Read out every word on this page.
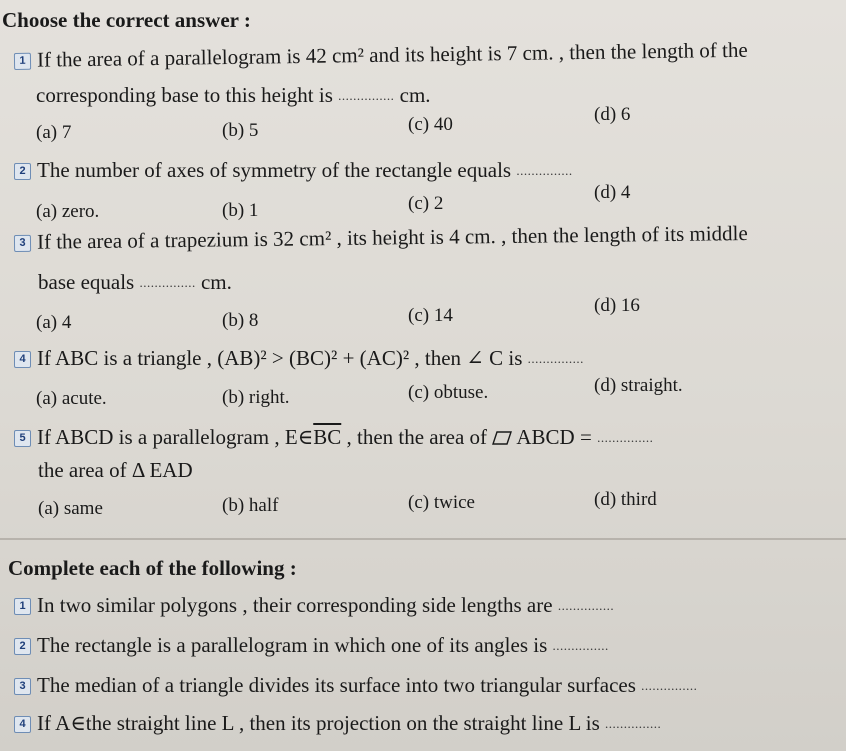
Choose the correct answer :
1 If the area of a parallelogram is 42 cm² and its height is 7 cm. , then the length of the
corresponding base to this height is ............... cm.
(a) 7	(b) 5	(c) 40	(d) 6
2 The number of axes of symmetry of the rectangle equals ...............
(a) zero.	(b) 1	(c) 2
(d) 4
3 If the area of a trapezium is 32 cm² , its height is 4 cm. , then the length of its middle
base equals ............... cm.
(a) 4	(b) 8	(c) 14	(d) 16
4 If ABC is a triangle , (AB)² > (BC)² + (AC)² , then ∠ C is ...............
(a) acute.	(b) right.	(c) obtuse.	(d) straight.
5 If ABCD is a parallelogram , $E\in\overline{BC}$ , then the area of ABCD = ...............
the area of Δ EAD
(a) same	(b) half	(c) twice	(d) third
Complete each of the following :
1 In two similar polygons , their corresponding side lengths are ...............
2 The rectangle is a parallelogram in which one of its angles is ...............
3 The median of a triangle divides its surface into two triangular surfaces ...............
4 If A∈the straight line L , then its projection on the straight line L is ...............
